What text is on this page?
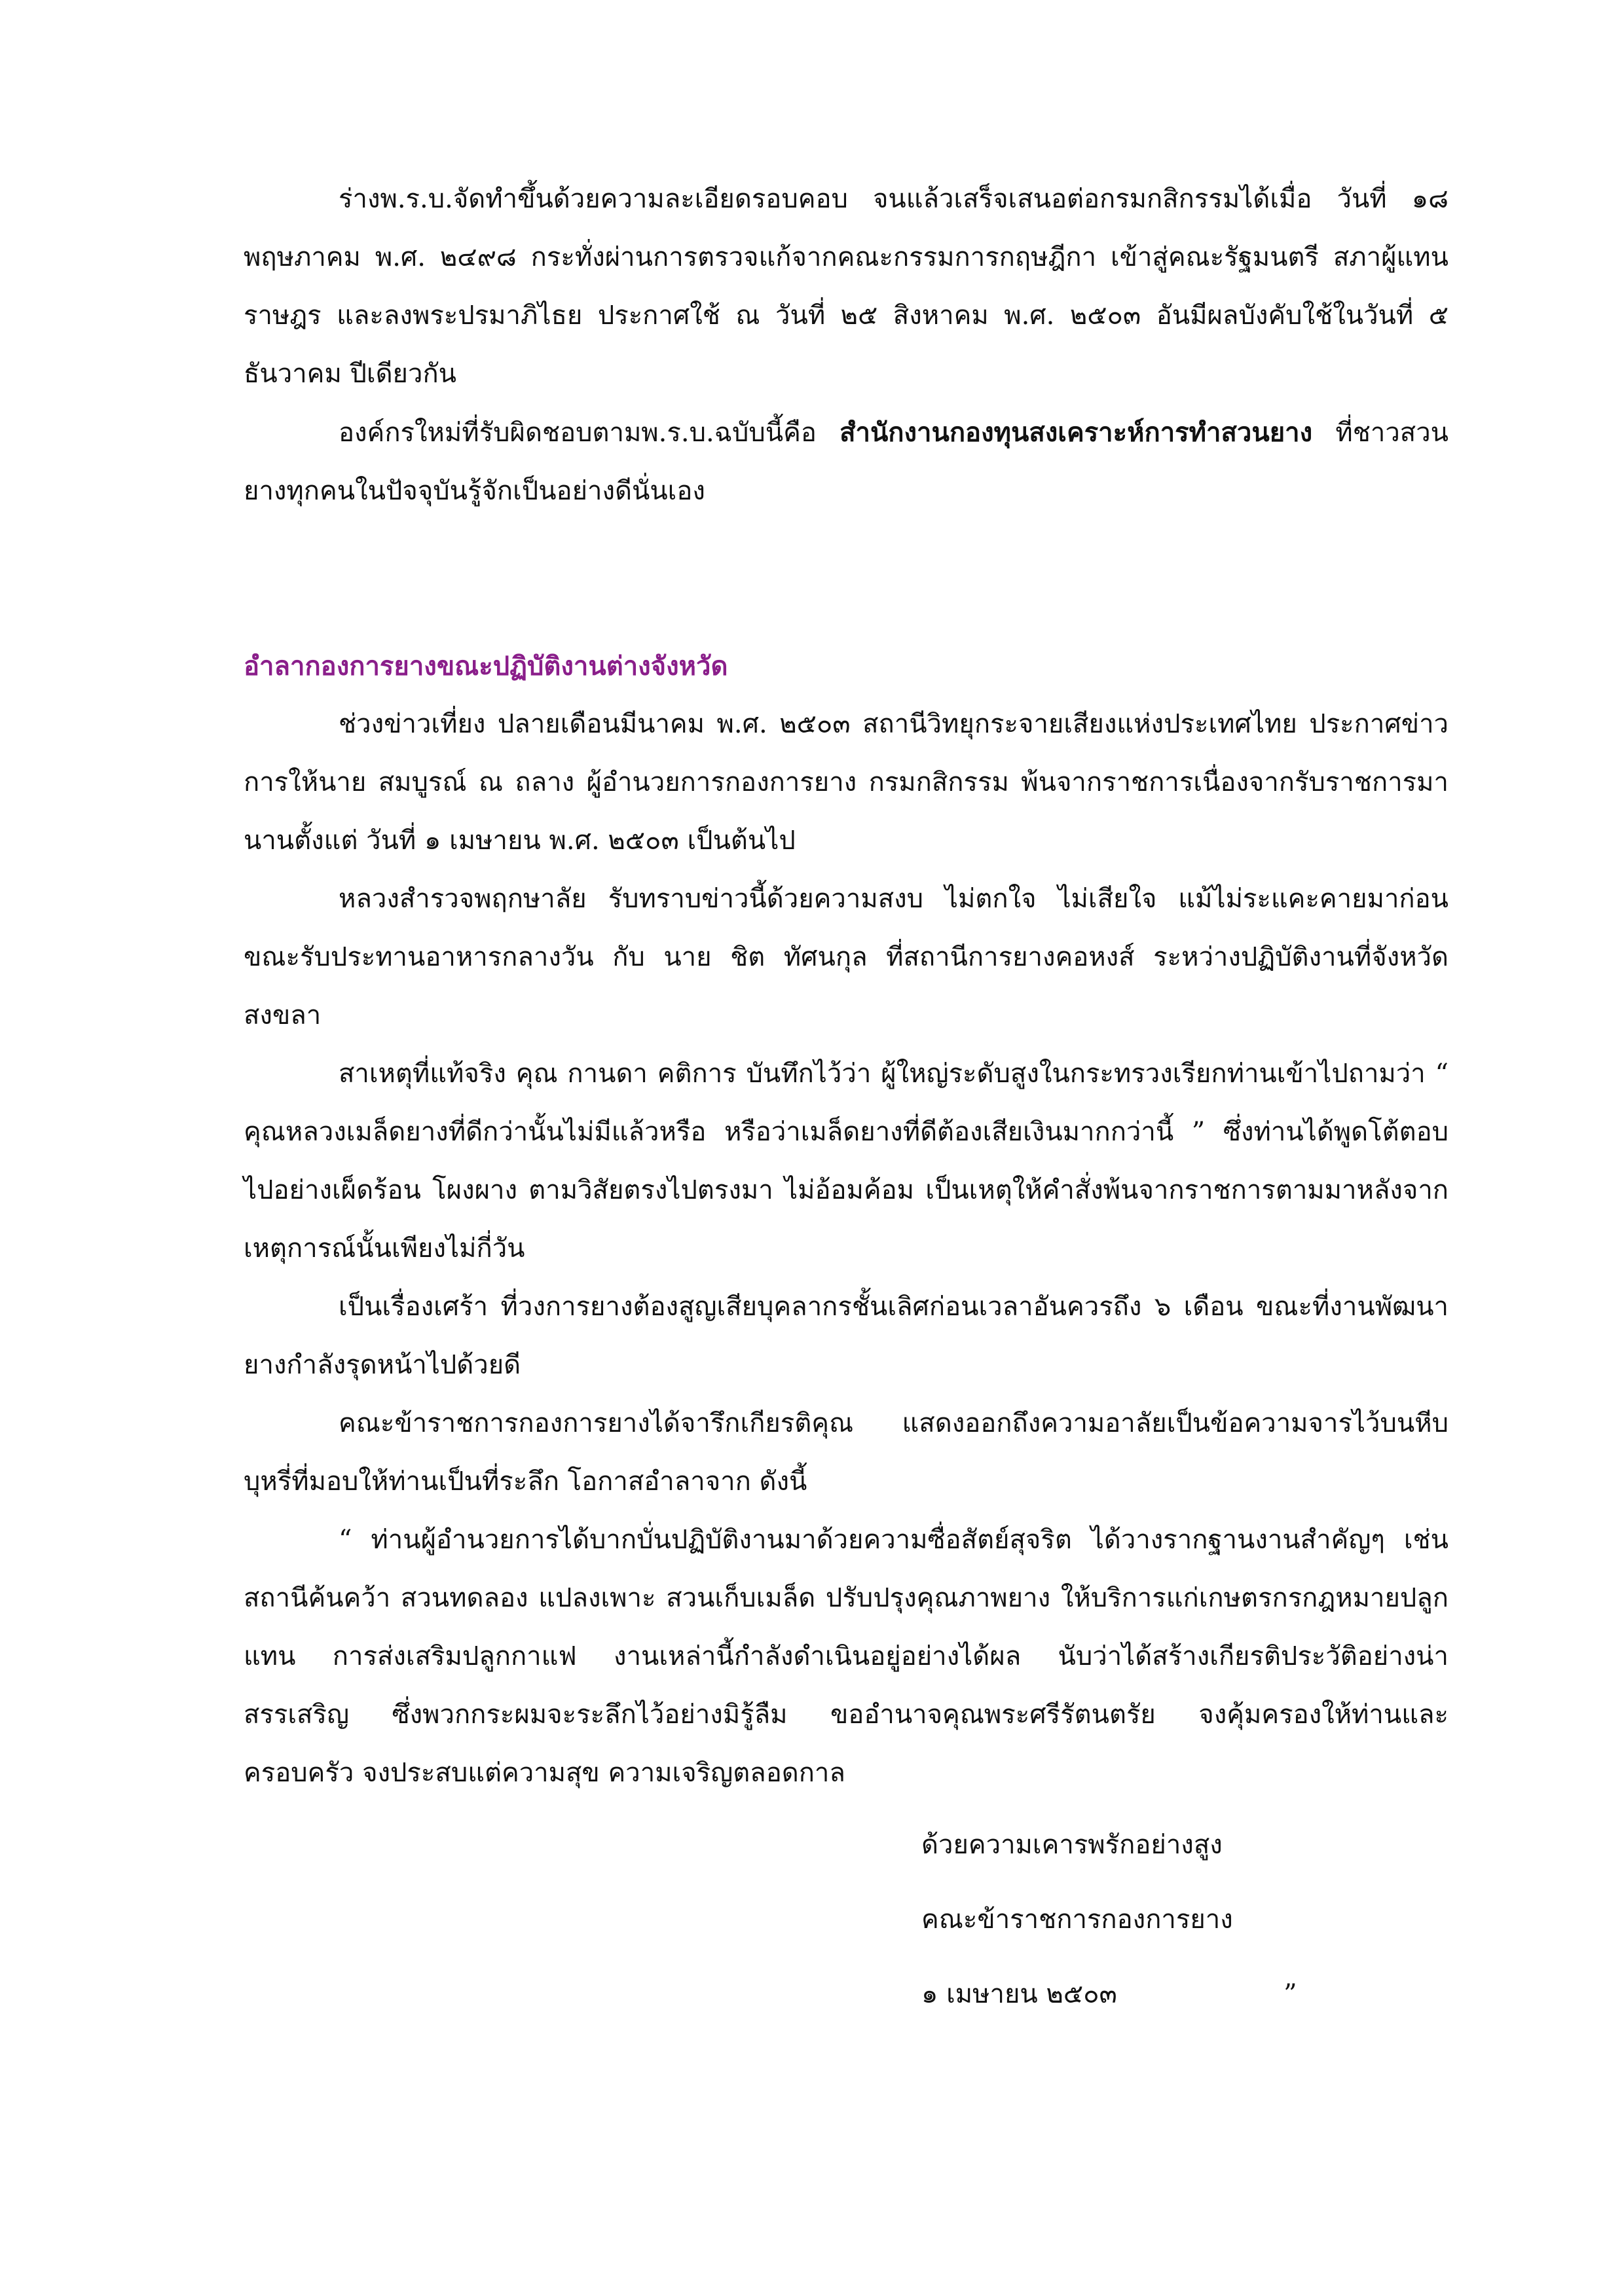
ร่างพ.ร.บ.จัดทำขึ้นด้วยความละเอียดรอบคอบ จนแล้วเสร็จเสนอต่อกรมกสิกรรมได้เมื่อ วันที่ ๑๘ พฤษภาคม พ.ศ. ๒๔๙๘ กระทั่งผ่านการตรวจแก้จากคณะกรรมการกฤษฎีกา เข้าสู่คณะรัฐมนตรี สภาผู้แทนราษฎร และลงพระปรมาภิไธย ประกาศใช้ ณ วันที่ ๒๕ สิงหาคม พ.ศ. ๒๕๐๓ อันมีผลบังคับใช้ในวันที่ ๕ ธันวาคม ปีเดียวกัน

องค์กรใหม่ที่รับผิดชอบตามพ.ร.บ.ฉบับนี้คือ สำนักงานกองทุนสงเคราะห์การทำสวนยาง ที่ชาวสวนยางทุกคนในปัจจุบันรู้จักเป็นอย่างดีนั่นเอง

อำลากองการยางขณะปฏิบัติงานต่างจังหวัด

ช่วงข่าวเที่ยง ปลายเดือนมีนาคม พ.ศ. ๒๕๐๓ สถานีวิทยุกระจายเสียงแห่งประเทศไทย ประกาศข่าวการให้นาย สมบูรณ์ ณ ถลาง ผู้อำนวยการกองการยาง กรมกสิกรรม พ้นจากราชการเนื่องจากรับราชการมานานตั้งแต่ วันที่ ๑ เมษายน พ.ศ. ๒๕๐๓ เป็นต้นไป

หลวงสำรวจพฤกษาลัย รับทราบข่าวนี้ด้วยความสงบ ไม่ตกใจ ไม่เสียใจ แม้ไม่ระแคะคายมาก่อน ขณะรับประทานอาหารกลางวัน กับ นาย ชิต ทัศนกุล ที่สถานีการยางคอหงส์ ระหว่างปฏิบัติงานที่จังหวัดสงขลา

สาเหตุที่แท้จริง คุณ กานดา คติการ บันทึกไว้ว่า ผู้ใหญ่ระดับสูงในกระทรวงเรียกท่านเข้าไปถามว่า “ คุณหลวงเมล็ดยางที่ดีกว่านั้นไม่มีแล้วหรือ หรือว่าเมล็ดยางที่ดีต้องเสียเงินมากกว่านี้ ” ซึ่งท่านได้พูดโต้ตอบไปอย่างเผ็ดร้อน โผงผาง ตามวิสัยตรงไปตรงมา ไม่อ้อมค้อม เป็นเหตุให้คำสั่งพ้นจากราชการตามมาหลังจากเหตุการณ์นั้นเพียงไม่กี่วัน

เป็นเรื่องเศร้า ที่วงการยางต้องสูญเสียบุคลากรชั้นเลิศก่อนเวลาอันควรถึง ๖ เดือน ขณะที่งานพัฒนายางกำลังรุดหน้าไปด้วยดี

คณะข้าราชการกองการยางได้จารึกเกียรติคุณ แสดงออกถึงความอาลัยเป็นข้อความจารไว้บนหีบบุหรี่ที่มอบให้ท่านเป็นที่ระลึก โอกาสอำลาจาก ดังนี้

“ ท่านผู้อำนวยการได้บากบั่นปฏิบัติงานมาด้วยความซื่อสัตย์สุจริต ได้วางรากฐานงานสำคัญๆ เช่น สถานีค้นคว้า สวนทดลอง แปลงเพาะ สวนเก็บเมล็ด ปรับปรุงคุณภาพยาง ให้บริการแก่เกษตรกรกฎหมายปลูกแทน การส่งเสริมปลูกกาแฟ งานเหล่านี้กำลังดำเนินอยู่อย่างได้ผล นับว่าได้สร้างเกียรติประวัติอย่างน่าสรรเสริญ ซึ่งพวกกระผมจะระลึกไว้อย่างมิรู้ลืม ขออำนาจคุณพระศรีรัตนตรัย จงคุ้มครองให้ท่านและครอบครัว จงประสบแต่ความสุข ความเจริญตลอดกาล

ด้วยความเคารพรักอย่างสูง

คณะข้าราชการกองการยาง

๑ เมษายน ๒๕๐๓                    ”
